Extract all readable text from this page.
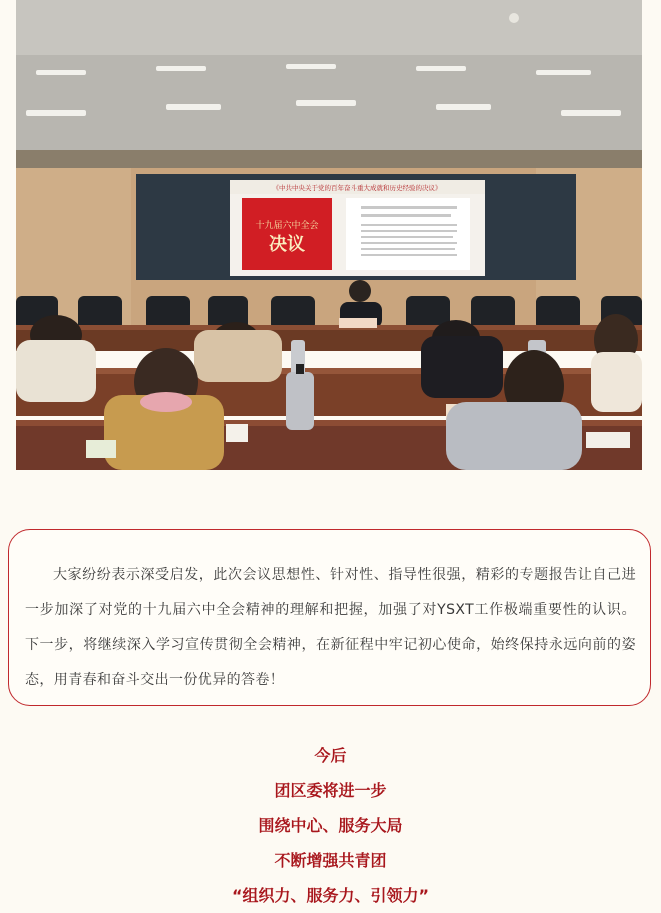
《中共中央关于党的百年奋斗重大成就和历史经验的决议》
十九届六中全会
决议

大家纷纷表示深受启发，此次会议思想性、针对性、指导性很强，精彩的专题报告让自己进一步加深了对党的十九届六中全会精神的理解和把握，加强了对YSXT工作极端重要性的认识。下一步，将继续深入学习宣传贯彻全会精神，在新征程中牢记初心使命，始终保持永远向前的姿态，用青春和奋斗交出一份优异的答卷！

今后
团区委将进一步
围绕中心、服务大局
不断增强共青团
“组织力、服务力、引领力”
